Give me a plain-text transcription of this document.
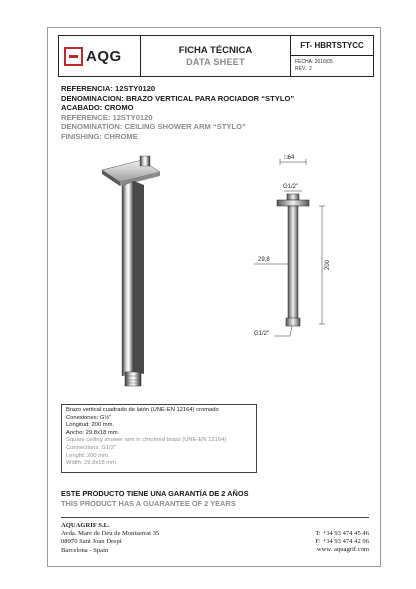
AQG	FICHA TÉCNICA
DATA SHEET
FT- HBRTSTYCC
FECHA: 2016/05
REV.: 2
REFERENCIA: 12STY0120
DENOMINACION: BRAZO VERTICAL PARA ROCIADOR “STYLO”
ACABADO: CROMO
REFERENCE: 12STY0120
DENOMINATION: CEILING SHOWER ARM “STYLO”
FINISHING: CHROME
□64
G1/2"
29,8	200
G1/2"
Brazo vertical cuadrado de latón (UNE-EN 12164) cromado
Conexiones: G½"
Longitud: 200 mm.
Ancho: 29.8x18 mm.
Square ceiling shower arm in chromed brass (UNE-EN 12164)
Connections: G1/2"
Lenght: 200 mm.
Width: 29.8x18 mm.
ESTE PRODUCTO TIENE UNA GARANTÍA DE 2 AÑOS
THIS PRODUCT HAS A GUARANTEE OF 2 YEARS
AQUAGRIF S.L.
Avda. Mare de Deu de Montserrat 35
08970 Sant Joan Despí
Barcelona - Spain
T: +34 93 474 45 46
F: +34 93 474 42 96
www. aquagrif.com
